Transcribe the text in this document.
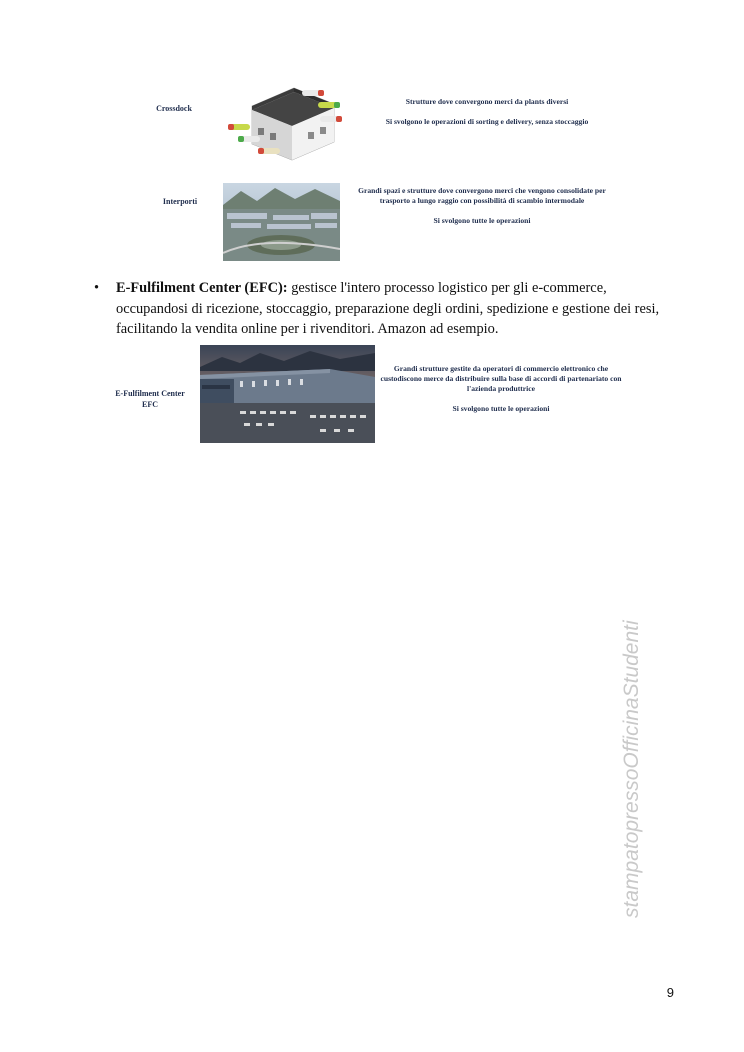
Crossdock

Strutture dove convergono merci da plants diversi

Si svolgono le operazioni di sorting e delivery, senza stoccaggio

Interporti

Grandi spazi e strutture dove convergono merci che vengono consolidate per trasporto a lungo raggio con possibilità di scambio intermodale

Si svolgono tutte le operazioni

• E-Fulfilment Center (EFC): gestisce l'intero processo logistico per gli e-commerce, occupandosi di ricezione, stoccaggio, preparazione degli ordini, spedizione e gestione dei resi, facilitando la vendita online per i rivenditori. Amazon ad esempio.
E-Fulfilment Center
EFC

Grandi strutture gestite da operatori di commercio elettronico che custodiscono merce da distribuire sulla base di accordi di partenariato con l'azienda produttrice

Si svolgono tutte le operazioni

stampatopressoOfficinaStudenti
9
